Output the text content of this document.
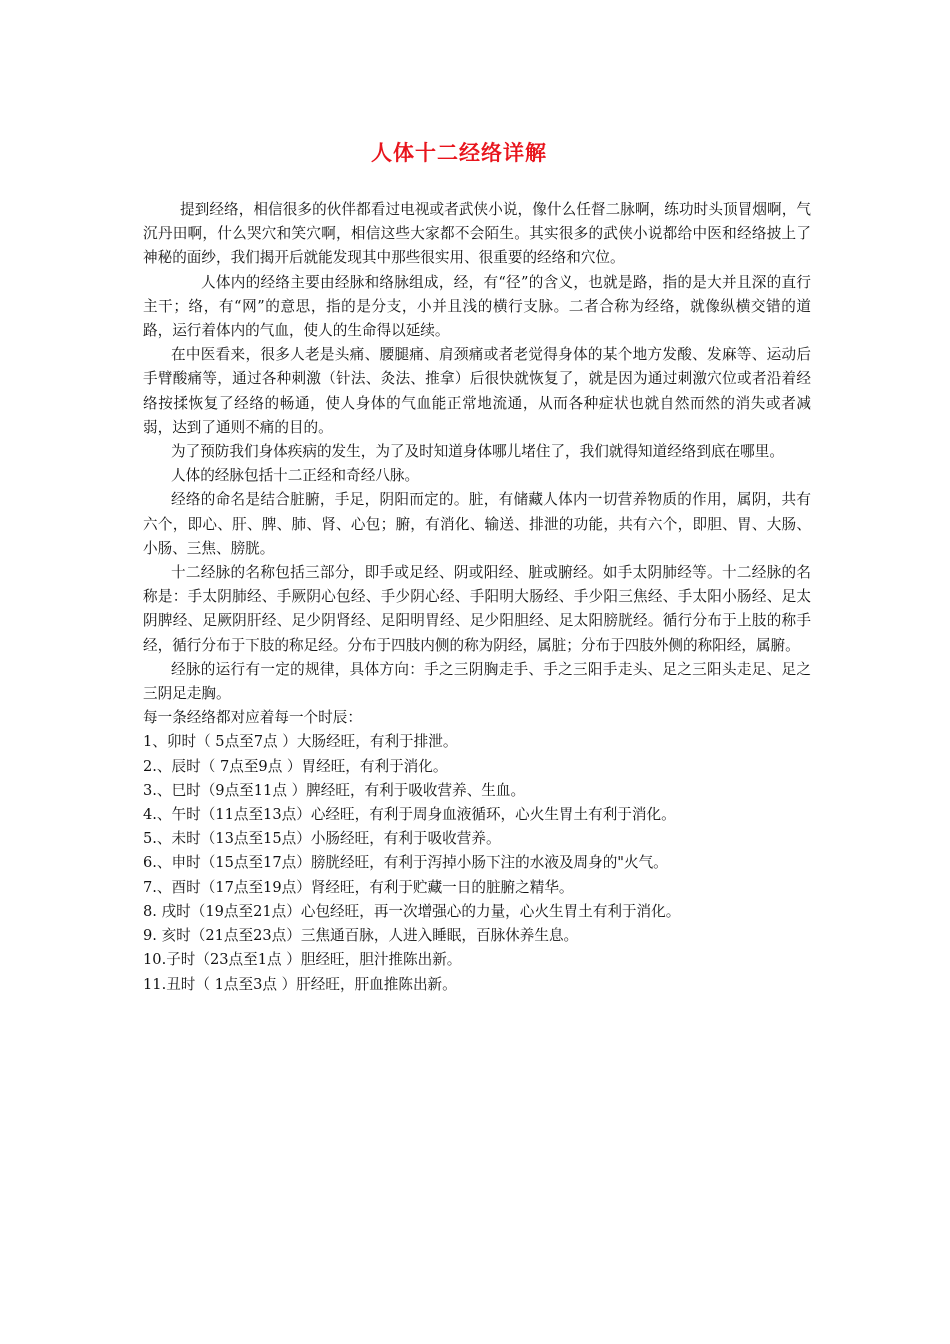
人体十二经络详解

提到经络，相信很多的伙伴都看过电视或者武侠小说，像什么任督二脉啊，练功时头顶冒烟啊，气沉丹田啊，什么哭穴和笑穴啊，相信这些大家都不会陌生。其实很多的武侠小说都给中医和经络披上了神秘的面纱，我们揭开后就能发现其中那些很实用、很重要的经络和穴位。

人体内的经络主要由经脉和络脉组成，经，有“径”的含义，也就是路，指的是大并且深的直行主干；络，有“网”的意思，指的是分支，小并且浅的横行支脉。二者合称为经络，就像纵横交错的道路，运行着体内的气血，使人的生命得以延续。

在中医看来，很多人老是头痛、腰腿痛、肩颈痛或者老觉得身体的某个地方发酸、发麻等、运动后手臂酸痛等，通过各种刺激（针法、灸法、推拿）后很快就恢复了，就是因为通过刺激穴位或者沿着经络按揉恢复了经络的畅通，使人身体的气血能正常地流通，从而各种症状也就自然而然的消失或者减弱，达到了通则不痛的目的。

为了预防我们身体疾病的发生，为了及时知道身体哪儿堵住了，我们就得知道经络到底在哪里。

人体的经脉包括十二正经和奇经八脉。

经络的命名是结合脏腑，手足，阴阳而定的。脏，有储藏人体内一切营养物质的作用，属阴，共有六个，即心、肝、脾、肺、肾、心包；腑，有消化、输送、排泄的功能，共有六个，即胆、胃、大肠、小肠、三焦、膀胱。

十二经脉的名称包括三部分，即手或足经、阴或阳经、脏或腑经。如手太阴肺经等。十二经脉的名称是：手太阴肺经、手厥阴心包经、手少阴心经、手阳明大肠经、手少阳三焦经、手太阳小肠经、足太阴脾经、足厥阴肝经、足少阴肾经、足阳明胃经、足少阳胆经、足太阳膀胱经。循行分布于上肢的称手经，循行分布于下肢的称足经。分布于四肢内侧的称为阴经，属脏；分布于四肢外侧的称阳经，属腑。

经脉的运行有一定的规律，具体方向：手之三阴胸走手、手之三阳手走头、足之三阳头走足、足之三阴足走胸。

每一条经络都对应着每一个时辰：

1、卯时（ 5点至7点 ）大肠经旺，有利于排泄。

2.、辰时（ 7点至9点 ）胃经旺，有利于消化。

3.、巳时（9点至11点 ）脾经旺，有利于吸收营养、生血。

4.、午时（11点至13点）心经旺，有利于周身血液循环，心火生胃土有利于消化。

5.、未时（13点至15点）小肠经旺，有利于吸收营养。

6.、申时（15点至17点）膀胱经旺，有利于泻掉小肠下注的水液及周身的"火气。

7.、酉时（17点至19点）肾经旺，有利于贮藏一日的脏腑之精华。

8. 戌时（19点至21点）心包经旺，再一次增强心的力量，心火生胃土有利于消化。

9. 亥时（21点至23点）三焦通百脉，人进入睡眠，百脉休养生息。

10.子时（23点至1点 ）胆经旺，胆汁推陈出新。

11.丑时（ 1点至3点 ）肝经旺，肝血推陈出新。
